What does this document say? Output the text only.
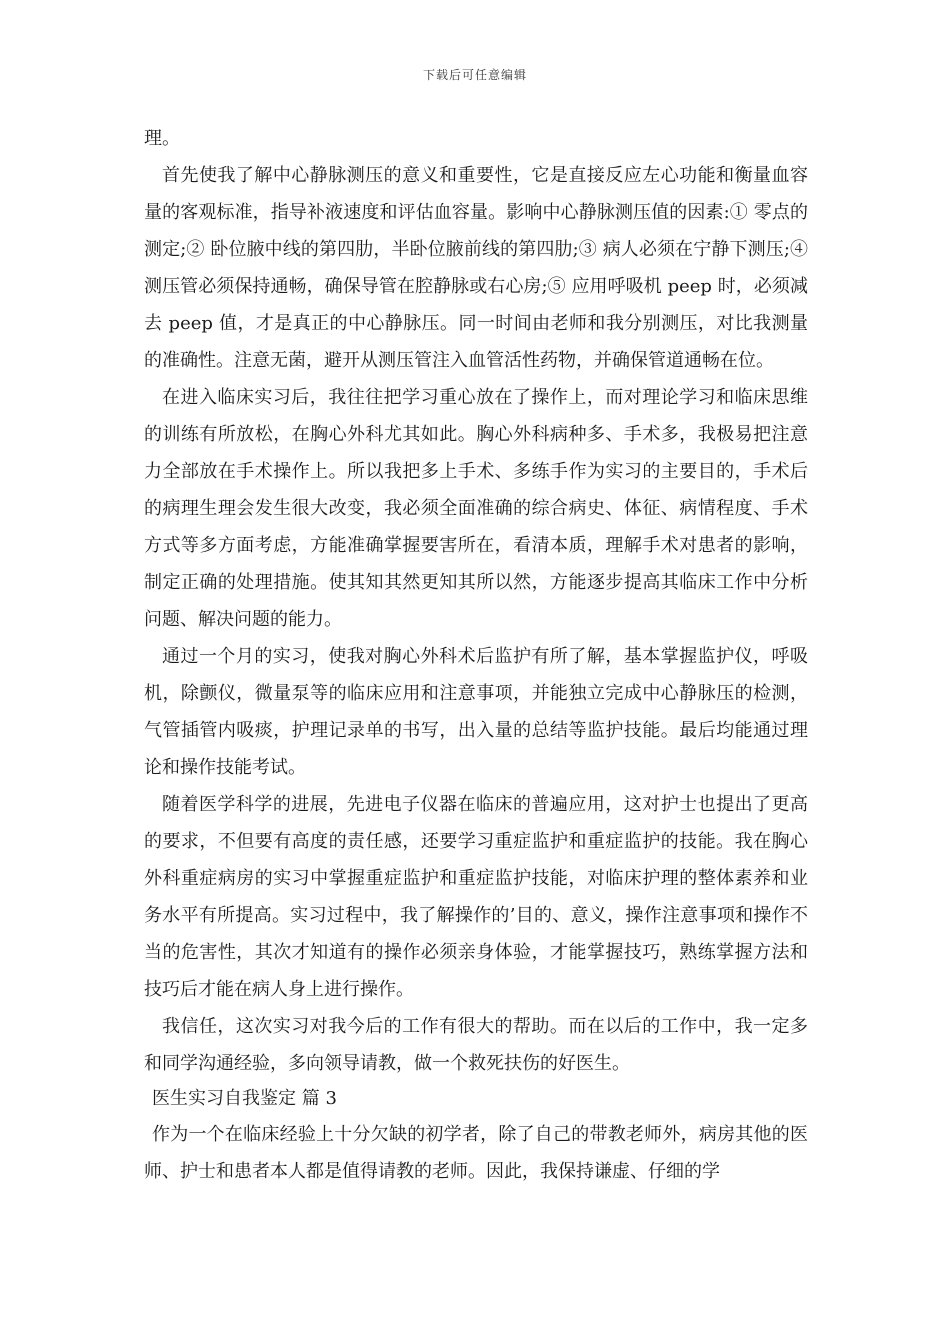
下载后可任意编辑

理。

首先使我了解中心静脉测压的意义和重要性，它是直接反应左心功能和衡量血容量的客观标准，指导补液速度和评估血容量。影响中心静脉测压值的因素:① 零点的测定;② 卧位腋中线的第四肋，半卧位腋前线的第四肋;③ 病人必须在宁静下测压;④ 测压管必须保持通畅，确保导管在腔静脉或右心房;⑤ 应用呼吸机 peep 时，必须减去 peep 值，才是真正的中心静脉压。同一时间由老师和我分别测压，对比我测量的准确性。注意无菌，避开从测压管注入血管活性药物，并确保管道通畅在位。

在进入临床实习后，我往往把学习重心放在了操作上，而对理论学习和临床思维的训练有所放松，在胸心外科尤其如此。胸心外科病种多、手术多，我极易把注意力全部放在手术操作上。所以我把多上手术、多练手作为实习的主要目的，手术后的病理生理会发生很大改变，我必须全面准确的综合病史、体征、病情程度、手术方式等多方面考虑，方能准确掌握要害所在，看清本质，理解手术对患者的影响，制定正确的处理措施。使其知其然更知其所以然，方能逐步提高其临床工作中分析问题、解决问题的能力。

通过一个月的实习，使我对胸心外科术后监护有所了解，基本掌握监护仪，呼吸机，除颤仪，微量泵等的临床应用和注意事项，并能独立完成中心静脉压的检测，气管插管内吸痰，护理记录单的书写，出入量的总结等监护技能。最后均能通过理论和操作技能考试。

随着医学科学的进展，先进电子仪器在临床的普遍应用，这对护士也提出了更高的要求，不但要有高度的责任感，还要学习重症监护和重症监护的技能。我在胸心外科重症病房的实习中掌握重症监护和重症监护技能，对临床护理的整体素养和业务水平有所提高。实习过程中，我了解操作的’目的、意义，操作注意事项和操作不当的危害性，其次才知道有的操作必须亲身体验，才能掌握技巧，熟练掌握方法和技巧后才能在病人身上进行操作。

我信任，这次实习对我今后的工作有很大的帮助。而在以后的工作中，我一定多和同学沟通经验，多向领导请教，做一个救死扶伤的好医生。

医生实习自我鉴定 篇 3

作为一个在临床经验上十分欠缺的初学者，除了自己的带教老师外，病房其他的医师、护士和患者本人都是值得请教的老师。因此，我保持谦虚、仔细的学
